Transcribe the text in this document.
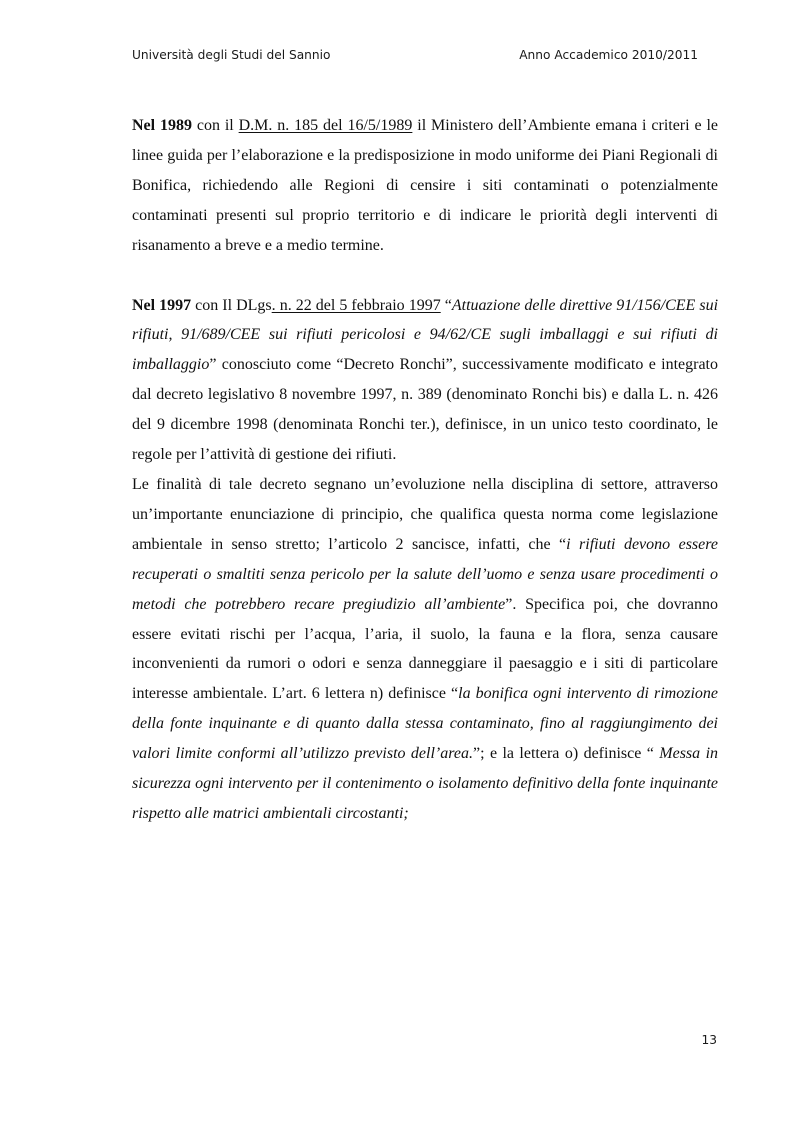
Università degli Studi del Sannio	Anno Accademico 2010/2011

Nel 1989 con il D.M. n. 185 del 16/5/1989 il Ministero dell’Ambiente emana i criteri e le linee guida per l’elaborazione e la predisposizione in modo uniforme dei Piani Regionali di Bonifica, richiedendo alle Regioni di censire i siti contaminati o potenzialmente contaminati presenti sul proprio territorio e di indicare le priorità degli interventi di risanamento a breve e a medio termine.

Nel 1997 con Il DLgs. n. 22 del 5 febbraio 1997 “Attuazione delle direttive 91/156/CEE sui rifiuti, 91/689/CEE sui rifiuti pericolosi e 94/62/CE sugli imballaggi e sui rifiuti di imballaggio” conosciuto come “Decreto Ronchi”, successivamente modificato e integrato dal decreto legislativo 8 novembre 1997, n. 389 (denominato Ronchi bis) e dalla L. n. 426 del 9 dicembre 1998 (denominata Ronchi ter.), definisce, in un unico testo coordinato, le regole per l’attività di gestione dei rifiuti.

Le finalità di tale decreto segnano un’evoluzione nella disciplina di settore, attraverso un’importante enunciazione di principio, che qualifica questa norma come legislazione ambientale in senso stretto; l’articolo 2 sancisce, infatti, che “i rifiuti devono essere recuperati o smaltiti senza pericolo per la salute dell’uomo e senza usare procedimenti o metodi che potrebbero recare pregiudizio all’ambiente”. Specifica poi, che dovranno essere evitati rischi per l’acqua, l’aria, il suolo, la fauna e la flora, senza causare inconvenienti da rumori o odori e senza danneggiare il paesaggio e i siti di particolare interesse ambientale. L’art. 6 lettera n) definisce “la bonifica ogni intervento di rimozione della fonte inquinante e di quanto dalla stessa contaminato, fino al raggiungimento dei valori limite conformi all’utilizzo previsto dell’area.”; e la lettera o) definisce “ Messa in sicurezza ogni intervento per il contenimento o isolamento definitivo della fonte inquinante rispetto alle matrici ambientali circostanti;

13
